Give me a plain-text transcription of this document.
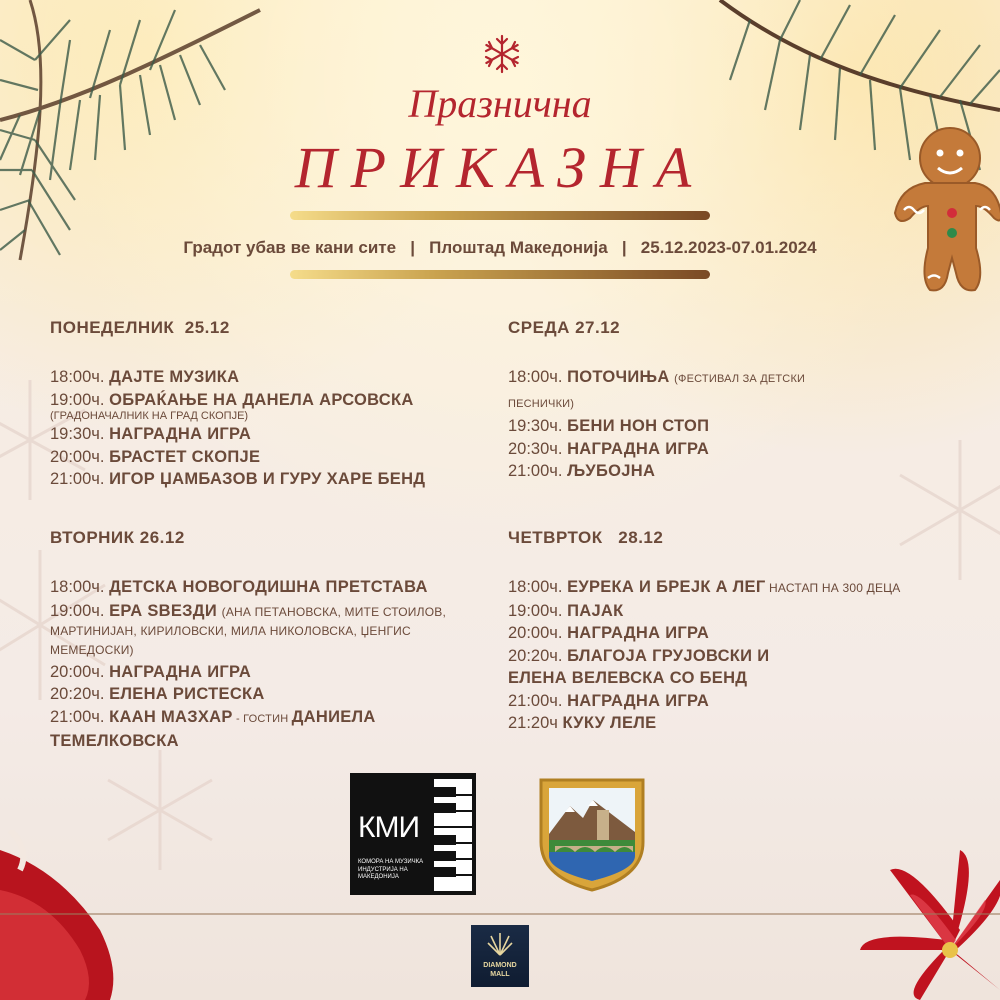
Празнична
ПРИКАЗНА
Градот убав ве кани сите   |   Плоштад Македонија   |   25.12.2023-07.01.2024
ПОНЕДЕЛНИК  25.12
18:00ч. ДАЈТЕ МУЗИКА
19:00ч. ОБРАЌАЊЕ НА ДАНЕЛА АРСОВСКА
(ГРАДОНАЧАЛНИК НА ГРАД СКОПЈЕ)
19:30ч. НАГРАДНА ИГРА
20:00ч. БРАСТЕТ СКОПЈЕ
21:00ч. ИГОР ЏАМБАЗОВ И ГУРУ ХАРЕ БЕНД
ВТОРНИК 26.12
18:00ч. ДЕТСКА НОВОГОДИШНА ПРЕТСТАВА
19:00ч. ЕРА ЅВЕЗДИ (АНА ПЕТАНОВСКА, МИТЕ СТОИЛОВ, МАРТИНИЈАН, КИРИЛОВСКИ, МИЛА НИКОЛОВСКА, ЏЕНГИС МЕМЕДОСКИ)
20:00ч. НАГРАДНА ИГРА
20:20ч. ЕЛЕНА РИСТЕСКА
21:00ч. КААН МАЗХАР - ГОСТИН ДАНИЕЛА ТЕМЕЛКОВСКА
СРЕДА 27.12
18:00ч. ПОТОЧИЊА (ФЕСТИВАЛ ЗА ДЕТСКИ ПЕСНИЧКИ)
19:30ч. БЕНИ НОН СТОП
20:30ч. НАГРАДНА ИГРА
21:00ч. ЉУБОЈНА
ЧЕТВРТОК   28.12
18:00ч. ЕУРЕКА И БРЕЈК А ЛЕГ НАСТАП НА 300 ДЕЦА
19:00ч. ПАЈАК
20:00ч. НАГРАДНА ИГРА
20:20ч. БЛАГОЈА ГРУЈОВСКИ И ЕЛЕНА ВЕЛЕВСКА СО БЕНД
21:00ч. НАГРАДНА ИГРА
21:20ч КУКУ ЛЕЛЕ
КМИ
КОМОРА НА МУЗИЧКА ИНДУСТРИЈА НА МАКЕДОНИЈА
DIAMOND
MALL
